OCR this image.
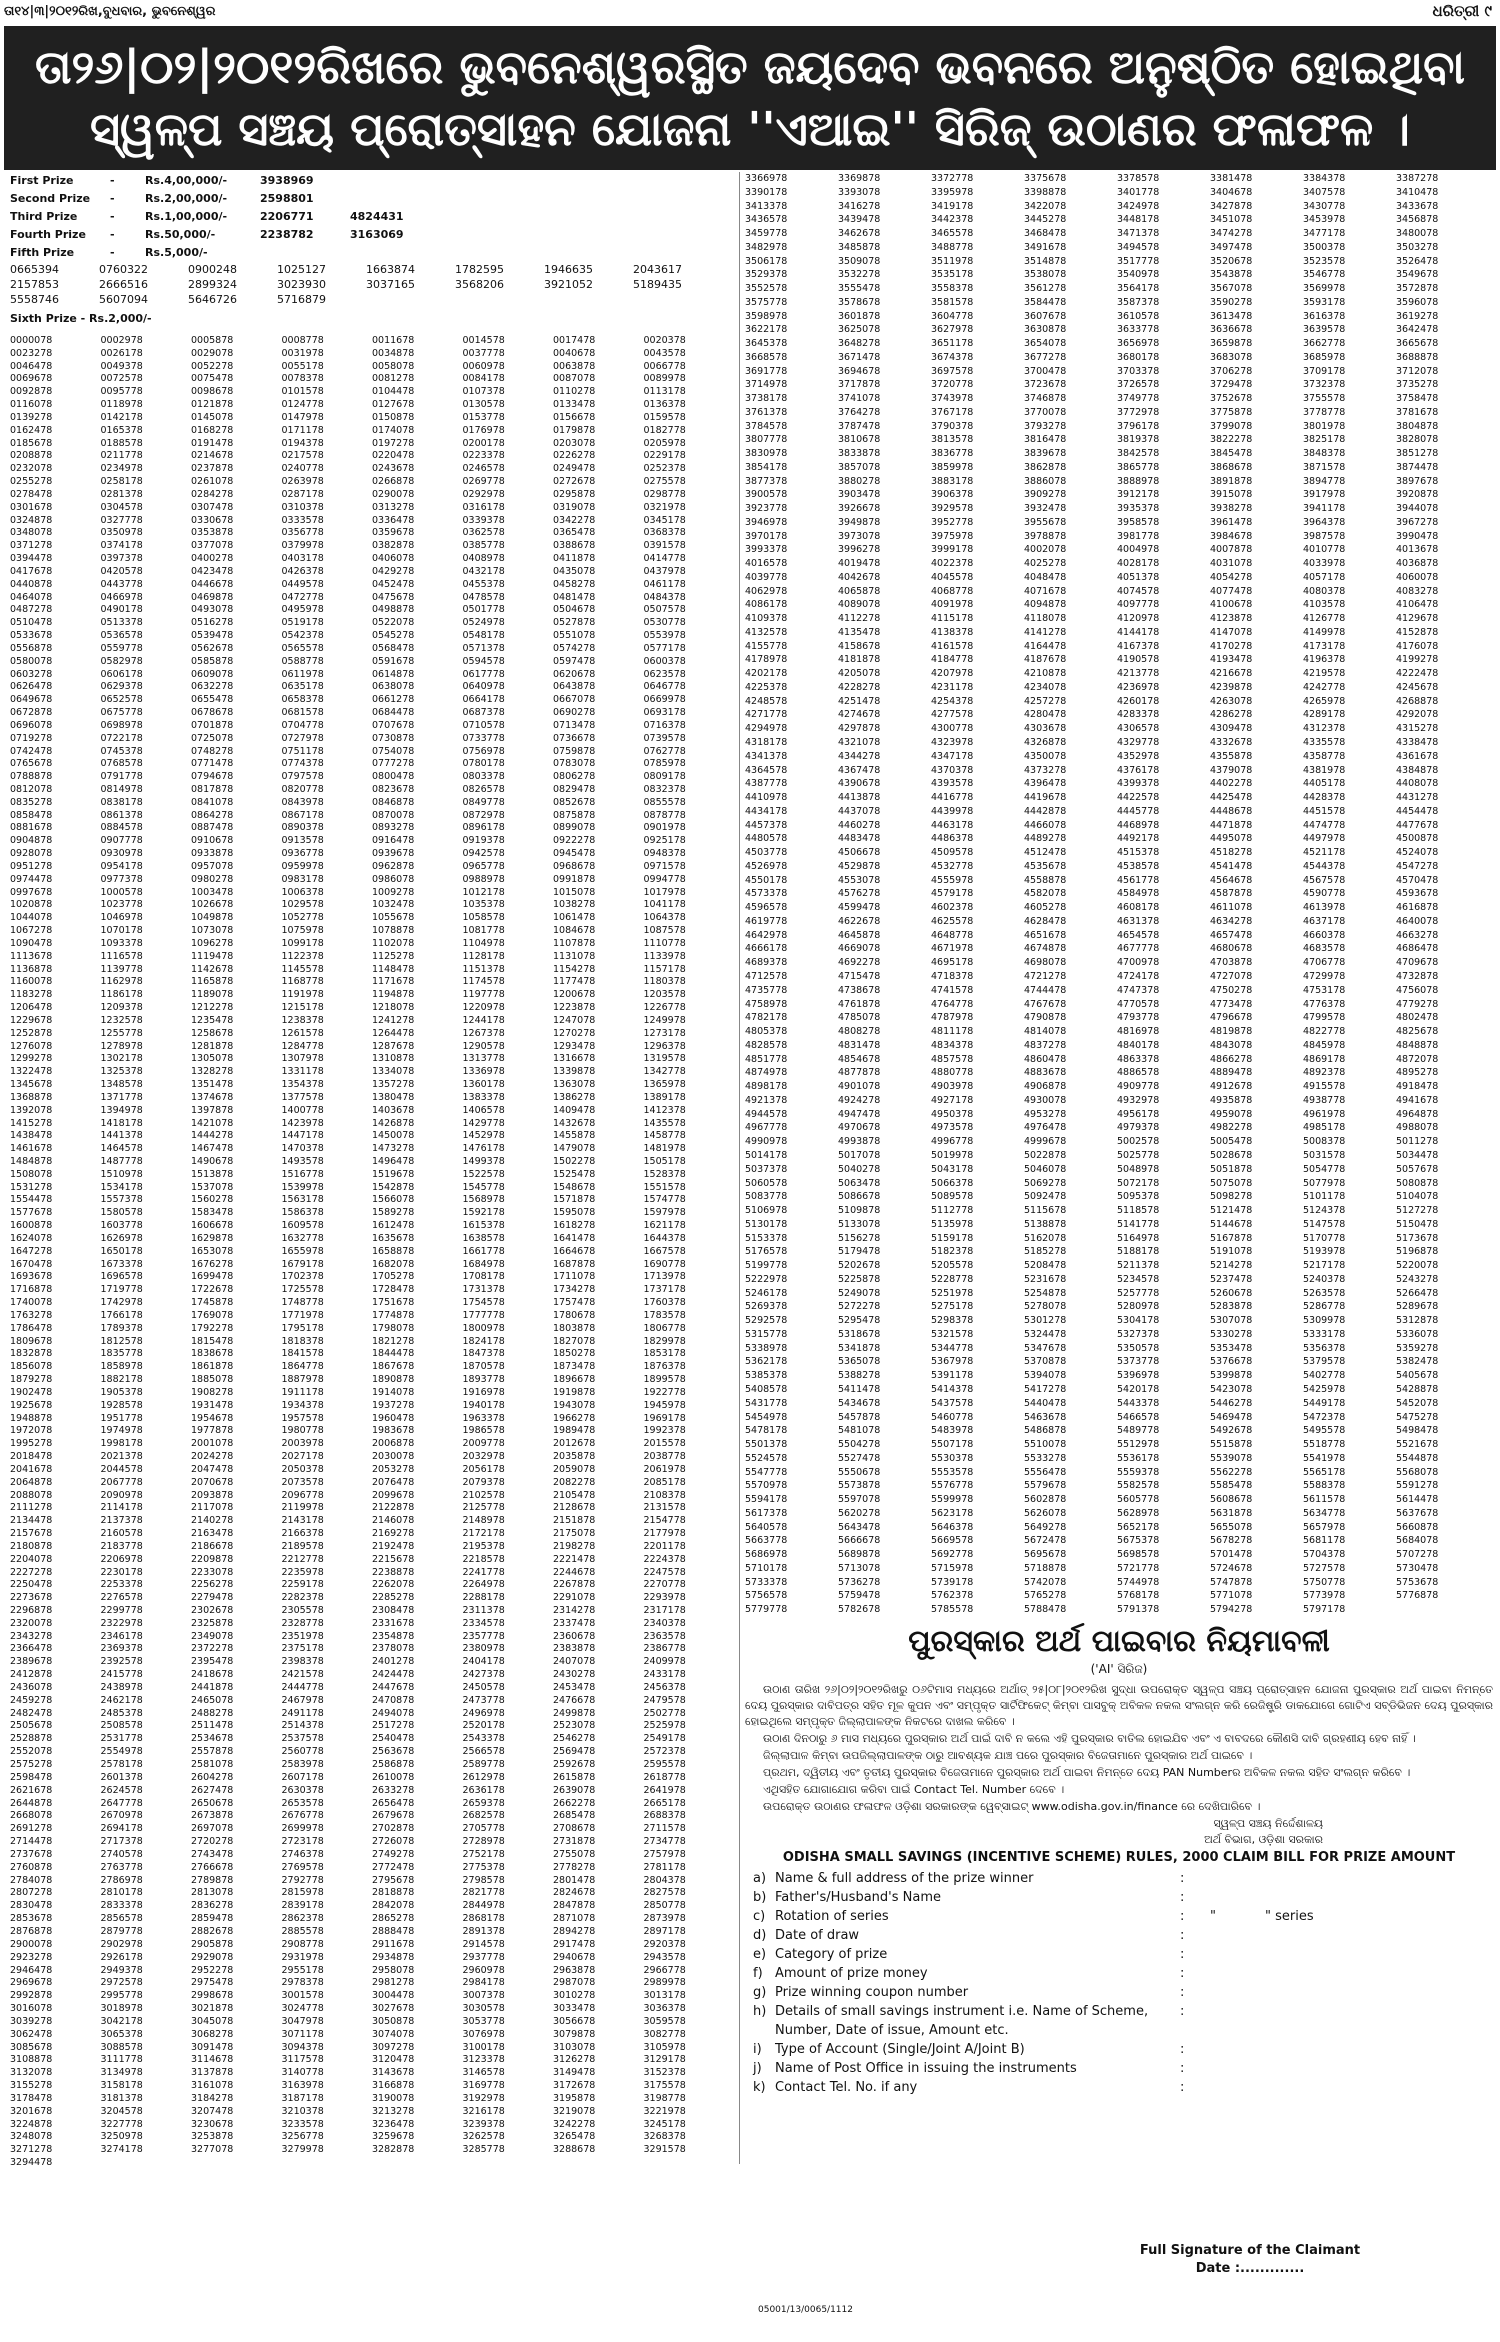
ତା୧୪|୩|୨୦୧୨ରିଖ,ବୁଧବାର, ଭୁବନେଶ୍ୱର	ଧରିତ୍ରୀ ୯
ତା୨୬|୦୨|୨୦୧୨ରିଖରେ ଭୁବନେଶ୍ୱରସ୍ଥିତ ଜୟଦେବ ଭବନରେ ଅନୁଷ୍ଠିତ ହୋଇଥିବା
ସ୍ୱଳ୍ପ ସଞ୍ଚୟ ପ୍ରୋତ୍ସାହନ ଯୋଜନା ''ଏଆଇ'' ସିରିଜ୍ ଉଠାଣର ଫଳାଫଳ ।
First Prize	-	Rs.4,00,000/-	3938969
Second Prize -	Rs.2,00,000/-	2598801
Third Prize	-	Rs.1,00,000/-	2206771	4824431
Fourth Prize -	Rs.50,000/-	2238782	3163069
Fifth Prize	-	Rs.5,000/-
0665394	0760322	0900248	1025127	1663874	1782595	1946635	2043617
2157853	2666516	2899324	3023930	3037165	3568206	3921052	5189435
5558746	5607094	5646726	5716879
Sixth Prize - Rs.2,000/-
0000078	0002978	0005878	0008778	0011678	0014578	0017478	0020378
0023278	0026178	0029078	0031978	0034878	0037778	0040678	0043578
0046478	0049378	0052278	0055178	0058078	0060978	0063878	0066778
0069678	0072578	0075478	0078378	0081278	0084178	0087078	0089978
0092878	0095778	0098678	0101578	0104478	0107378	0110278	0113178
0116078	0118978	0121878	0124778	0127678	0130578	0133478	0136378
0139278	0142178	0145078	0147978	0150878	0153778	0156678	0159578
0162478	0165378	0168278	0171178	0174078	0176978	0179878	0182778
0185678	0188578	0191478	0194378	0197278	0200178	0203078	0205978
0208878	0211778	0214678	0217578	0220478	0223378	0226278	0229178
0232078	0234978	0237878	0240778	0243678	0246578	0249478	0252378
0255278	0258178	0261078	0263978	0266878	0269778	0272678	0275578
0278478	0281378	0284278	0287178	0290078	0292978	0295878	0298778
0301678	0304578	0307478	0310378	0313278	0316178	0319078	0321978
0324878	0327778	0330678	0333578	0336478	0339378	0342278	0345178
0348078	0350978	0353878	0356778	0359678	0362578	0365478	0368378
0371278	0374178	0377078	0379978	0382878	0385778	0388678	0391578
0394478	0397378	0400278	0403178	0406078	0408978	0411878	0414778
0417678	0420578	0423478	0426378	0429278	0432178	0435078	0437978
0440878	0443778	0446678	0449578	0452478	0455378	0458278	0461178
0464078	0466978	0469878	0472778	0475678	0478578	0481478	0484378
0487278	0490178	0493078	0495978	0498878	0501778	0504678	0507578
0510478	0513378	0516278	0519178	0522078	0524978	0527878	0530778
0533678	0536578	0539478	0542378	0545278	0548178	0551078	0553978
0556878	0559778	0562678	0565578	0568478	0571378	0574278	0577178
0580078	0582978	0585878	0588778	0591678	0594578	0597478	0600378
0603278	0606178	0609078	0611978	0614878	0617778	0620678	0623578
0626478	0629378	0632278	0635178	0638078	0640978	0643878	0646778
0649678	0652578	0655478	0658378	0661278	0664178	0667078	0669978
0672878	0675778	0678678	0681578	0684478	0687378	0690278	0693178
0696078	0698978	0701878	0704778	0707678	0710578	0713478	0716378
0719278	0722178	0725078	0727978	0730878	0733778	0736678	0739578
0742478	0745378	0748278	0751178	0754078	0756978	0759878	0762778
0765678	0768578	0771478	0774378	0777278	0780178	0783078	0785978
0788878	0791778	0794678	0797578	0800478	0803378	0806278	0809178
0812078	0814978	0817878	0820778	0823678	0826578	0829478	0832378
0835278	0838178	0841078	0843978	0846878	0849778	0852678	0855578
0858478	0861378	0864278	0867178	0870078	0872978	0875878	0878778
0881678	0884578	0887478	0890378	0893278	0896178	0899078	0901978
0904878	0907778	0910678	0913578	0916478	0919378	0922278	0925178
0928078	0930978	0933878	0936778	0939678	0942578	0945478	0948378
0951278	0954178	0957078	0959978	0962878	0965778	0968678	0971578
0974478	0977378	0980278	0983178	0986078	0988978	0991878	0994778
0997678	1000578	1003478	1006378	1009278	1012178	1015078	1017978
1020878	1023778	1026678	1029578	1032478	1035378	1038278	1041178
1044078	1046978	1049878	1052778	1055678	1058578	1061478	1064378
1067278	1070178	1073078	1075978	1078878	1081778	1084678	1087578
1090478	1093378	1096278	1099178	1102078	1104978	1107878	1110778
1113678	1116578	1119478	1122378	1125278	1128178	1131078	1133978
1136878	1139778	1142678	1145578	1148478	1151378	1154278	1157178
1160078	1162978	1165878	1168778	1171678	1174578	1177478	1180378
1183278	1186178	1189078	1191978	1194878	1197778	1200678	1203578
1206478	1209378	1212278	1215178	1218078	1220978	1223878	1226778
1229678	1232578	1235478	1238378	1241278	1244178	1247078	1249978
1252878	1255778	1258678	1261578	1264478	1267378	1270278	1273178
1276078	1278978	1281878	1284778	1287678	1290578	1293478	1296378
1299278	1302178	1305078	1307978	1310878	1313778	1316678	1319578
1322478	1325378	1328278	1331178	1334078	1336978	1339878	1342778
1345678	1348578	1351478	1354378	1357278	1360178	1363078	1365978
1368878	1371778	1374678	1377578	1380478	1383378	1386278	1389178
1392078	1394978	1397878	1400778	1403678	1406578	1409478	1412378
1415278	1418178	1421078	1423978	1426878	1429778	1432678	1435578
1438478	1441378	1444278	1447178	1450078	1452978	1455878	1458778
1461678	1464578	1467478	1470378	1473278	1476178	1479078	1481978
1484878	1487778	1490678	1493578	1496478	1499378	1502278	1505178
1508078	1510978	1513878	1516778	1519678	1522578	1525478	1528378
1531278	1534178	1537078	1539978	1542878	1545778	1548678	1551578
1554478	1557378	1560278	1563178	1566078	1568978	1571878	1574778
1577678	1580578	1583478	1586378	1589278	1592178	1595078	1597978
1600878	1603778	1606678	1609578	1612478	1615378	1618278	1621178
1624078	1626978	1629878	1632778	1635678	1638578	1641478	1644378
1647278	1650178	1653078	1655978	1658878	1661778	1664678	1667578
1670478	1673378	1676278	1679178	1682078	1684978	1687878	1690778
1693678	1696578	1699478	1702378	1705278	1708178	1711078	1713978
1716878	1719778	1722678	1725578	1728478	1731378	1734278	1737178
1740078	1742978	1745878	1748778	1751678	1754578	1757478	1760378
1763278	1766178	1769078	1771978	1774878	1777778	1780678	1783578
1786478	1789378	1792278	1795178	1798078	1800978	1803878	1806778
1809678	1812578	1815478	1818378	1821278	1824178	1827078	1829978
1832878	1835778	1838678	1841578	1844478	1847378	1850278	1853178
1856078	1858978	1861878	1864778	1867678	1870578	1873478	1876378
1879278	1882178	1885078	1887978	1890878	1893778	1896678	1899578
1902478	1905378	1908278	1911178	1914078	1916978	1919878	1922778
1925678	1928578	1931478	1934378	1937278	1940178	1943078	1945978
1948878	1951778	1954678	1957578	1960478	1963378	1966278	1969178
1972078	1974978	1977878	1980778	1983678	1986578	1989478	1992378
1995278	1998178	2001078	2003978	2006878	2009778	2012678	2015578
2018478	2021378	2024278	2027178	2030078	2032978	2035878	2038778
2041678	2044578	2047478	2050378	2053278	2056178	2059078	2061978
2064878	2067778	2070678	2073578	2076478	2079378	2082278	2085178
2088078	2090978	2093878	2096778	2099678	2102578	2105478	2108378
2111278	2114178	2117078	2119978	2122878	2125778	2128678	2131578
2134478	2137378	2140278	2143178	2146078	2148978	2151878	2154778
2157678	2160578	2163478	2166378	2169278	2172178	2175078	2177978
2180878	2183778	2186678	2189578	2192478	2195378	2198278	2201178
2204078	2206978	2209878	2212778	2215678	2218578	2221478	2224378
2227278	2230178	2233078	2235978	2238878	2241778	2244678	2247578
2250478	2253378	2256278	2259178	2262078	2264978	2267878	2270778
2273678	2276578	2279478	2282378	2285278	2288178	2291078	2293978
2296878	2299778	2302678	2305578	2308478	2311378	2314278	2317178
2320078	2322978	2325878	2328778	2331678	2334578	2337478	2340378
2343278	2346178	2349078	2351978	2354878	2357778	2360678	2363578
2366478	2369378	2372278	2375178	2378078	2380978	2383878	2386778
2389678	2392578	2395478	2398378	2401278	2404178	2407078	2409978
2412878	2415778	2418678	2421578	2424478	2427378	2430278	2433178
2436078	2438978	2441878	2444778	2447678	2450578	2453478	2456378
2459278	2462178	2465078	2467978	2470878	2473778	2476678	2479578
2482478	2485378	2488278	2491178	2494078	2496978	2499878	2502778
2505678	2508578	2511478	2514378	2517278	2520178	2523078	2525978
2528878	2531778	2534678	2537578	2540478	2543378	2546278	2549178
2552078	2554978	2557878	2560778	2563678	2566578	2569478	2572378
2575278	2578178	2581078	2583978	2586878	2589778	2592678	2595578
2598478	2601378	2604278	2607178	2610078	2612978	2615878	2618778
2621678	2624578	2627478	2630378	2633278	2636178	2639078	2641978
2644878	2647778	2650678	2653578	2656478	2659378	2662278	2665178
2668078	2670978	2673878	2676778	2679678	2682578	2685478	2688378
2691278	2694178	2697078	2699978	2702878	2705778	2708678	2711578
2714478	2717378	2720278	2723178	2726078	2728978	2731878	2734778
2737678	2740578	2743478	2746378	2749278	2752178	2755078	2757978
2760878	2763778	2766678	2769578	2772478	2775378	2778278	2781178
2784078	2786978	2789878	2792778	2795678	2798578	2801478	2804378
2807278	2810178	2813078	2815978	2818878	2821778	2824678	2827578
2830478	2833378	2836278	2839178	2842078	2844978	2847878	2850778
2853678	2856578	2859478	2862378	2865278	2868178	2871078	2873978
2876878	2879778	2882678	2885578	2888478	2891378	2894278	2897178
2900078	2902978	2905878	2908778	2911678	2914578	2917478	2920378
2923278	2926178	2929078	2931978	2934878	2937778	2940678	2943578
2946478	2949378	2952278	2955178	2958078	2960978	2963878	2966778
2969678	2972578	2975478	2978378	2981278	2984178	2987078	2989978
2992878	2995778	2998678	3001578	3004478	3007378	3010278	3013178
3016078	3018978	3021878	3024778	3027678	3030578	3033478	3036378
3039278	3042178	3045078	3047978	3050878	3053778	3056678	3059578
3062478	3065378	3068278	3071178	3074078	3076978	3079878	3082778
3085678	3088578	3091478	3094378	3097278	3100178	3103078	3105978
3108878	3111778	3114678	3117578	3120478	3123378	3126278	3129178
3132078	3134978	3137878	3140778	3143678	3146578	3149478	3152378
3155278	3158178	3161078	3163978	3166878	3169778	3172678	3175578
3178478	3181378	3184278	3187178	3190078	3192978	3195878	3198778
3201678	3204578	3207478	3210378	3213278	3216178	3219078	3221978
3224878	3227778	3230678	3233578	3236478	3239378	3242278	3245178
3248078	3250978	3253878	3256778	3259678	3262578	3265478	3268378
3271278	3274178	3277078	3279978	3282878	3285778	3288678	3291578
3294478
3366978	3369878	3372778	3375678	3378578	3381478	3384378	3387278
3390178	3393078	3395978	3398878	3401778	3404678	3407578	3410478
3413378	3416278	3419178	3422078	3424978	3427878	3430778	3433678
3436578	3439478	3442378	3445278	3448178	3451078	3453978	3456878
3459778	3462678	3465578	3468478	3471378	3474278	3477178	3480078
3482978	3485878	3488778	3491678	3494578	3497478	3500378	3503278
3506178	3509078	3511978	3514878	3517778	3520678	3523578	3526478
3529378	3532278	3535178	3538078	3540978	3543878	3546778	3549678
3552578	3555478	3558378	3561278	3564178	3567078	3569978	3572878
3575778	3578678	3581578	3584478	3587378	3590278	3593178	3596078
3598978	3601878	3604778	3607678	3610578	3613478	3616378	3619278
3622178	3625078	3627978	3630878	3633778	3636678	3639578	3642478
3645378	3648278	3651178	3654078	3656978	3659878	3662778	3665678
3668578	3671478	3674378	3677278	3680178	3683078	3685978	3688878
3691778	3694678	3697578	3700478	3703378	3706278	3709178	3712078
3714978	3717878	3720778	3723678	3726578	3729478	3732378	3735278
3738178	3741078	3743978	3746878	3749778	3752678	3755578	3758478
3761378	3764278	3767178	3770078	3772978	3775878	3778778	3781678
3784578	3787478	3790378	3793278	3796178	3799078	3801978	3804878
3807778	3810678	3813578	3816478	3819378	3822278	3825178	3828078
3830978	3833878	3836778	3839678	3842578	3845478	3848378	3851278
3854178	3857078	3859978	3862878	3865778	3868678	3871578	3874478
3877378	3880278	3883178	3886078	3888978	3891878	3894778	3897678
3900578	3903478	3906378	3909278	3912178	3915078	3917978	3920878
3923778	3926678	3929578	3932478	3935378	3938278	3941178	3944078
3946978	3949878	3952778	3955678	3958578	3961478	3964378	3967278
3970178	3973078	3975978	3978878	3981778	3984678	3987578	3990478
3993378	3996278	3999178	4002078	4004978	4007878	4010778	4013678
4016578	4019478	4022378	4025278	4028178	4031078	4033978	4036878
4039778	4042678	4045578	4048478	4051378	4054278	4057178	4060078
4062978	4065878	4068778	4071678	4074578	4077478	4080378	4083278
4086178	4089078	4091978	4094878	4097778	4100678	4103578	4106478
4109378	4112278	4115178	4118078	4120978	4123878	4126778	4129678
4132578	4135478	4138378	4141278	4144178	4147078	4149978	4152878
4155778	4158678	4161578	4164478	4167378	4170278	4173178	4176078
4178978	4181878	4184778	4187678	4190578	4193478	4196378	4199278
4202178	4205078	4207978	4210878	4213778	4216678	4219578	4222478
4225378	4228278	4231178	4234078	4236978	4239878	4242778	4245678
4248578	4251478	4254378	4257278	4260178	4263078	4265978	4268878
4271778	4274678	4277578	4280478	4283378	4286278	4289178	4292078
4294978	4297878	4300778	4303678	4306578	4309478	4312378	4315278
4318178	4321078	4323978	4326878	4329778	4332678	4335578	4338478
4341378	4344278	4347178	4350078	4352978	4355878	4358778	4361678
4364578	4367478	4370378	4373278	4376178	4379078	4381978	4384878
4387778	4390678	4393578	4396478	4399378	4402278	4405178	4408078
4410978	4413878	4416778	4419678	4422578	4425478	4428378	4431278
4434178	4437078	4439978	4442878	4445778	4448678	4451578	4454478
4457378	4460278	4463178	4466078	4468978	4471878	4474778	4477678
4480578	4483478	4486378	4489278	4492178	4495078	4497978	4500878
4503778	4506678	4509578	4512478	4515378	4518278	4521178	4524078
4526978	4529878	4532778	4535678	4538578	4541478	4544378	4547278
4550178	4553078	4555978	4558878	4561778	4564678	4567578	4570478
4573378	4576278	4579178	4582078	4584978	4587878	4590778	4593678
4596578	4599478	4602378	4605278	4608178	4611078	4613978	4616878
4619778	4622678	4625578	4628478	4631378	4634278	4637178	4640078
4642978	4645878	4648778	4651678	4654578	4657478	4660378	4663278
4666178	4669078	4671978	4674878	4677778	4680678	4683578	4686478
4689378	4692278	4695178	4698078	4700978	4703878	4706778	4709678
4712578	4715478	4718378	4721278	4724178	4727078	4729978	4732878
4735778	4738678	4741578	4744478	4747378	4750278	4753178	4756078
4758978	4761878	4764778	4767678	4770578	4773478	4776378	4779278
4782178	4785078	4787978	4790878	4793778	4796678	4799578	4802478
4805378	4808278	4811178	4814078	4816978	4819878	4822778	4825678
4828578	4831478	4834378	4837278	4840178	4843078	4845978	4848878
4851778	4854678	4857578	4860478	4863378	4866278	4869178	4872078
4874978	4877878	4880778	4883678	4886578	4889478	4892378	4895278
4898178	4901078	4903978	4906878	4909778	4912678	4915578	4918478
4921378	4924278	4927178	4930078	4932978	4935878	4938778	4941678
4944578	4947478	4950378	4953278	4956178	4959078	4961978	4964878
4967778	4970678	4973578	4976478	4979378	4982278	4985178	4988078
4990978	4993878	4996778	4999678	5002578	5005478	5008378	5011278
5014178	5017078	5019978	5022878	5025778	5028678	5031578	5034478
5037378	5040278	5043178	5046078	5048978	5051878	5054778	5057678
5060578	5063478	5066378	5069278	5072178	5075078	5077978	5080878
5083778	5086678	5089578	5092478	5095378	5098278	5101178	5104078
5106978	5109878	5112778	5115678	5118578	5121478	5124378	5127278
5130178	5133078	5135978	5138878	5141778	5144678	5147578	5150478
5153378	5156278	5159178	5162078	5164978	5167878	5170778	5173678
5176578	5179478	5182378	5185278	5188178	5191078	5193978	5196878
5199778	5202678	5205578	5208478	5211378	5214278	5217178	5220078
5222978	5225878	5228778	5231678	5234578	5237478	5240378	5243278
5246178	5249078	5251978	5254878	5257778	5260678	5263578	5266478
5269378	5272278	5275178	5278078	5280978	5283878	5286778	5289678
5292578	5295478	5298378	5301278	5304178	5307078	5309978	5312878
5315778	5318678	5321578	5324478	5327378	5330278	5333178	5336078
5338978	5341878	5344778	5347678	5350578	5353478	5356378	5359278
5362178	5365078	5367978	5370878	5373778	5376678	5379578	5382478
5385378	5388278	5391178	5394078	5396978	5399878	5402778	5405678
5408578	5411478	5414378	5417278	5420178	5423078	5425978	5428878
5431778	5434678	5437578	5440478	5443378	5446278	5449178	5452078
5454978	5457878	5460778	5463678	5466578	5469478	5472378	5475278
5478178	5481078	5483978	5486878	5489778	5492678	5495578	5498478
5501378	5504278	5507178	5510078	5512978	5515878	5518778	5521678
5524578	5527478	5530378	5533278	5536178	5539078	5541978	5544878
5547778	5550678	5553578	5556478	5559378	5562278	5565178	5568078
5570978	5573878	5576778	5579678	5582578	5585478	5588378	5591278
5594178	5597078	5599978	5602878	5605778	5608678	5611578	5614478
5617378	5620278	5623178	5626078	5628978	5631878	5634778	5637678
5640578	5643478	5646378	5649278	5652178	5655078	5657978	5660878
5663778	5666678	5669578	5672478	5675378	5678278	5681178	5684078
5686978	5689878	5692778	5695678	5698578	5701478	5704378	5707278
5710178	5713078	5715978	5718878	5721778	5724678	5727578	5730478
5733378	5736278	5739178	5742078	5744978	5747878	5750778	5753678
5756578	5759478	5762378	5765278	5768178	5771078	5773978	5776878
5779778	5782678	5785578	5788478	5791378	5794278	5797178
ପୁରସ୍କାର ଅର୍ଥ ପାଇବାର ନିୟମାବଳୀ
('AI' ସିରିଜ)

ଉଠାଣ ତାରିଖ ୨୬|୦୨|୨୦୧୨ରିଖରୁ ୦୬ଟିମାସ ମଧ୍ୟରେ ଅର୍ଥାତ୍ ୨୫|୦୮|୨୦୧୨ରିଖ ସୁଦ୍ଧା ଉପରୋକ୍ତ ସ୍ୱଳ୍ପ ସଞ୍ଚୟ ପ୍ରୋତ୍ସାହନ ଯୋଜନା ପୁରସ୍କାର ଅର୍ଥ ପାଇବା ନିମନ୍ତେ ଦେୟ ପୁରସ୍କାର ଦାବିପତ୍ର ସହିତ ମୂଳ କୁପନ ଏବଂ ସମ୍ପୃକ୍ତ ସାର୍ଟିଫିକେଟ୍ କିମ୍ବା ପାସବୁକ୍ ଅବିକଳ ନକଲ ସଂଲଗ୍ନ କରି ରେଜିଷ୍ଟ୍ରି ଡାକଯୋଗେ ଗୋଟିଏ ସବ୍‌ଡିଭିଜନ ଦେୟ ପୁରସ୍କାର ହୋଇଥିଲେ ସମ୍ପୃକ୍ତ ଜିଲ୍ଲାପାଳଙ୍କ ନିକଟରେ ଦାଖଲ କରିବେ ।

ଉଠାଣ ଦିନଠାରୁ ୬ ମାସ ମଧ୍ୟରେ ପୁରସ୍କାର ଅର୍ଥ ପାଇଁ ଦାବି ନ କଲେ ଏହି ପୁରସ୍କାର ବାତିଲ ହୋଇଯିବ ଏବଂ ଏ ବାବଦରେ କୌଣସି ଦାବି ଗ୍ରହଣୀୟ ହେବ ନାହିଁ ।

ଜିଲ୍ଲାପାଳ କିମ୍ବା ଉପଜିଲ୍ଲାପାଳଙ୍କ ଠାରୁ ଆବଶ୍ୟକ ଯାଞ୍ଚ ପରେ ପୁରସ୍କାର ବିଜେତାମାନେ ପୁରସ୍କାର ଅର୍ଥ ପାଇବେ ।

ପ୍ରଥମ, ଦ୍ୱିତୀୟ ଏବଂ ତୃତୀୟ ପୁରସ୍କାର ବିଜେତାମାନେ ପୁରସ୍କାର ଅର୍ଥ ପାଇବା ନିମନ୍ତେ ଦେୟ PAN Numberର ଅବିକଳ ନକଲ ସହିତ ସଂଲଗ୍ନ କରିବେ ।

ଏଥିସହିତ ଯୋଗାଯୋଗ କରିବା ପାଇଁ Contact Tel. Number ଦେବେ ।

ଉପରୋକ୍ତ ଉଠାଣର ଫଳାଫଳ ଓଡ଼ିଶା ସରକାରଙ୍କ ୱେବ୍‌ସାଇଟ୍ www.odisha.gov.in/finance ରେ ଦେଖିପାରିବେ ।

ସ୍ୱଳ୍ପ ସଞ୍ଚୟ ନିର୍ଦ୍ଦେଶାଳୟ
ଅର୍ଥ ବିଭାଗ, ଓଡ଼ିଶା ସରକାର
ODISHA SMALL SAVINGS (INCENTIVE SCHEME) RULES, 2000 CLAIM BILL FOR PRIZE AMOUNT
a) Name & full address of the prize winner	:
b) Father's/Husband's Name	:
c) Rotation of series	: "	" series
d) Date of draw	:
e) Category of prize	:
f) Amount of prize money	:
g) Prize winning coupon number	:
h) Details of small savings instrument i.e. Name of Scheme, Number, Date of issue, Amount etc.
:
i) Type of Account (Single/Joint A/Joint B)	:
j) Name of Post Office in issuing the instruments	:
k) Contact Tel. No. if any	:
Full Signature of the Claimant
Date :.............
05001/13/0065/1112
